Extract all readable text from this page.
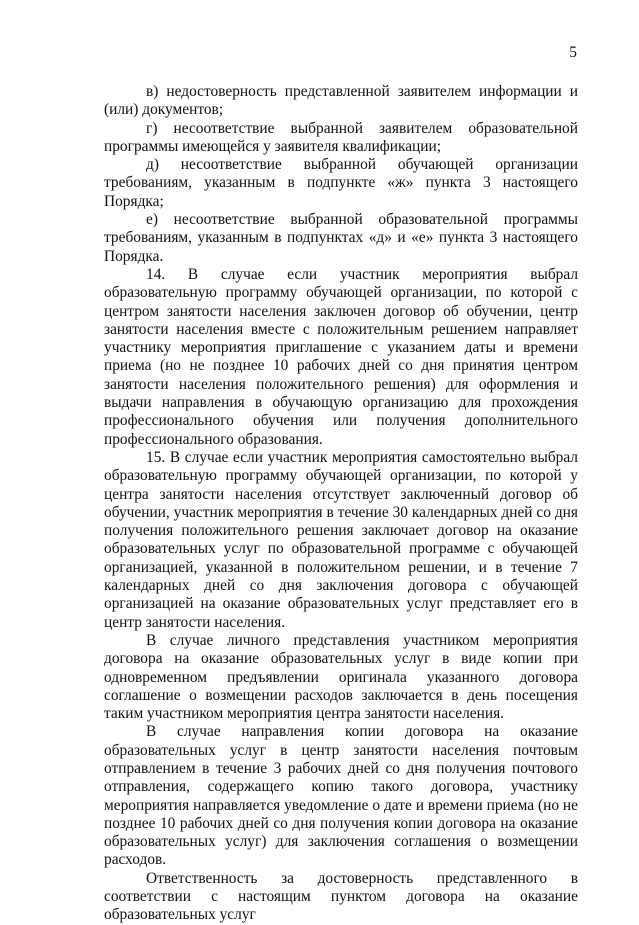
5

в) недостоверность представленной заявителем информации и (или) документов;

г) несоответствие выбранной заявителем образовательной программы имеющейся у заявителя квалификации;

д) несоответствие выбранной обучающей организации требованиям, указанным в подпункте «ж» пункта 3 настоящего Порядка;

е) несоответствие выбранной образовательной программы требованиям, указанным в подпунктах «д» и «е» пункта 3 настоящего Порядка.

14. В случае если участник мероприятия выбрал образовательную программу обучающей организации, по которой с центром занятости населения заключен договор об обучении, центр занятости населения вместе с положительным решением направляет участнику мероприятия приглашение с указанием даты и времени приема (но не позднее 10 рабочих дней со дня принятия центром занятости населения положительного решения) для оформления и выдачи направления в обучающую организацию для прохождения профессионального обучения или получения дополнительного профессионального образования.

15. В случае если участник мероприятия самостоятельно выбрал образовательную программу обучающей организации, по которой у центра занятости населения отсутствует заключенный договор об обучении, участник мероприятия в течение 30 календарных дней со дня получения положительного решения заключает договор на оказание образовательных услуг по образовательной программе с обучающей организацией, указанной в положительном решении, и в течение 7 календарных дней со дня заключения договора с обучающей организацией на оказание образовательных услуг представляет его в центр занятости населения.

В случае личного представления участником мероприятия договора на оказание образовательных услуг в виде копии при одновременном предъявлении оригинала указанного договора соглашение о возмещении расходов заключается в день посещения таким участником мероприятия центра занятости населения.

В случае направления копии договора на оказание образовательных услуг в центр занятости населения почтовым отправлением в течение 3 рабочих дней со дня получения почтового отправления, содержащего копию такого договора, участнику мероприятия направляется уведомление о дате и времени приема (но не позднее 10 рабочих дней со дня получения копии договора на оказание образовательных услуг) для заключения соглашения о возмещении расходов.

Ответственность за достоверность представленного в соответствии с настоящим пунктом договора на оказание образовательных услуг
